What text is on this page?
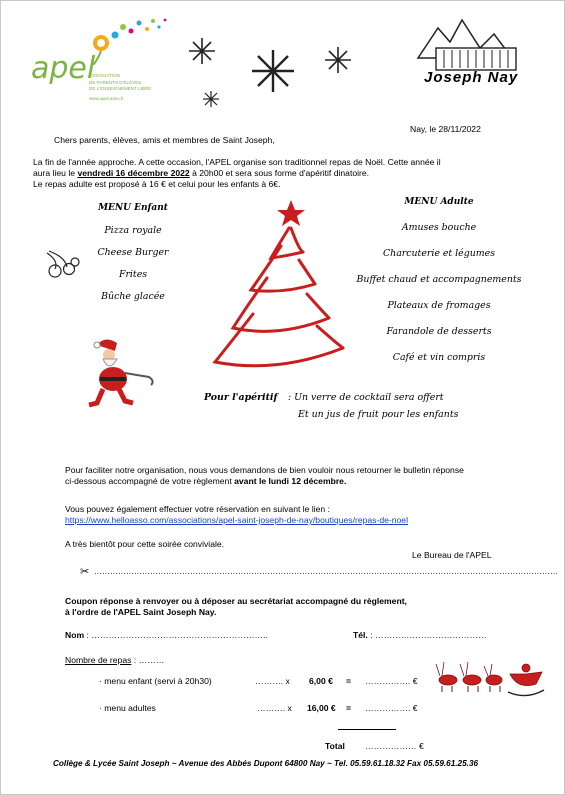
apel
ASSOCIATION
DE PARENTS D'ÉLÈVES
DE L'ENSEIGNEMENT LIBRE
www.apel.asso.fr
Joseph Nay
Nay, le 28/11/2022
Chers parents, élèves, amis et membres de Saint Joseph,
La fin de l'année approche. A cette occasion, l'APEL organise son traditionnel repas de Noël. Cette année il
aura lieu le vendredi 16 décembre 2022 à 20h00 et sera sous forme d'apéritif dinatoire.
Le repas adulte est proposé à 16 € et celui pour les enfants à 6€.
MENU Enfant
Pizza royale
Cheese Burger
Frites
Bûche glacée
MENU Adulte
Amuses bouche
Charcuterie et légumes
Buffet chaud et accompagnements
Plateaux de fromages
Farandole de desserts
Café et vin compris
Pour l'apéritif : Un verre de cocktail sera offert
Et un jus de fruit pour les enfants
Pour faciliter notre organisation, nous vous demandons de bien vouloir nous retourner le bulletin réponse
ci-dessous accompagné de votre règlement avant le lundi 12 décembre.
Vous pouvez également effectuer votre réservation en suivant le lien :
https://www.helloasso.com/associations/apel-saint-joseph-de-nay/boutiques/repas-de-noel
A très bientôt pour cette soirée conviviale.
Le Bureau de l'APEL
✂ …………………………………………………………………………………………………………………………………………………………
Coupon réponse à renvoyer ou à déposer au secrétariat accompagné du règlement,
à l'ordre de l'APEL Saint Joseph Nay.
Nom : ……………………………………………………..	Tél. : …………………………………
Nombre de repas : ………
· menu enfant (servi à 20h30)	………. x 6,00 € = ……………. €
· menu adultes	………. x 16,00 € = ……………. €
Total ……………… €
Collège & Lycée Saint Joseph ~ Avenue des Abbés Dupont 64800 Nay ~ Tel. 05.59.61.18.32 Fax 05.59.61.25.36
